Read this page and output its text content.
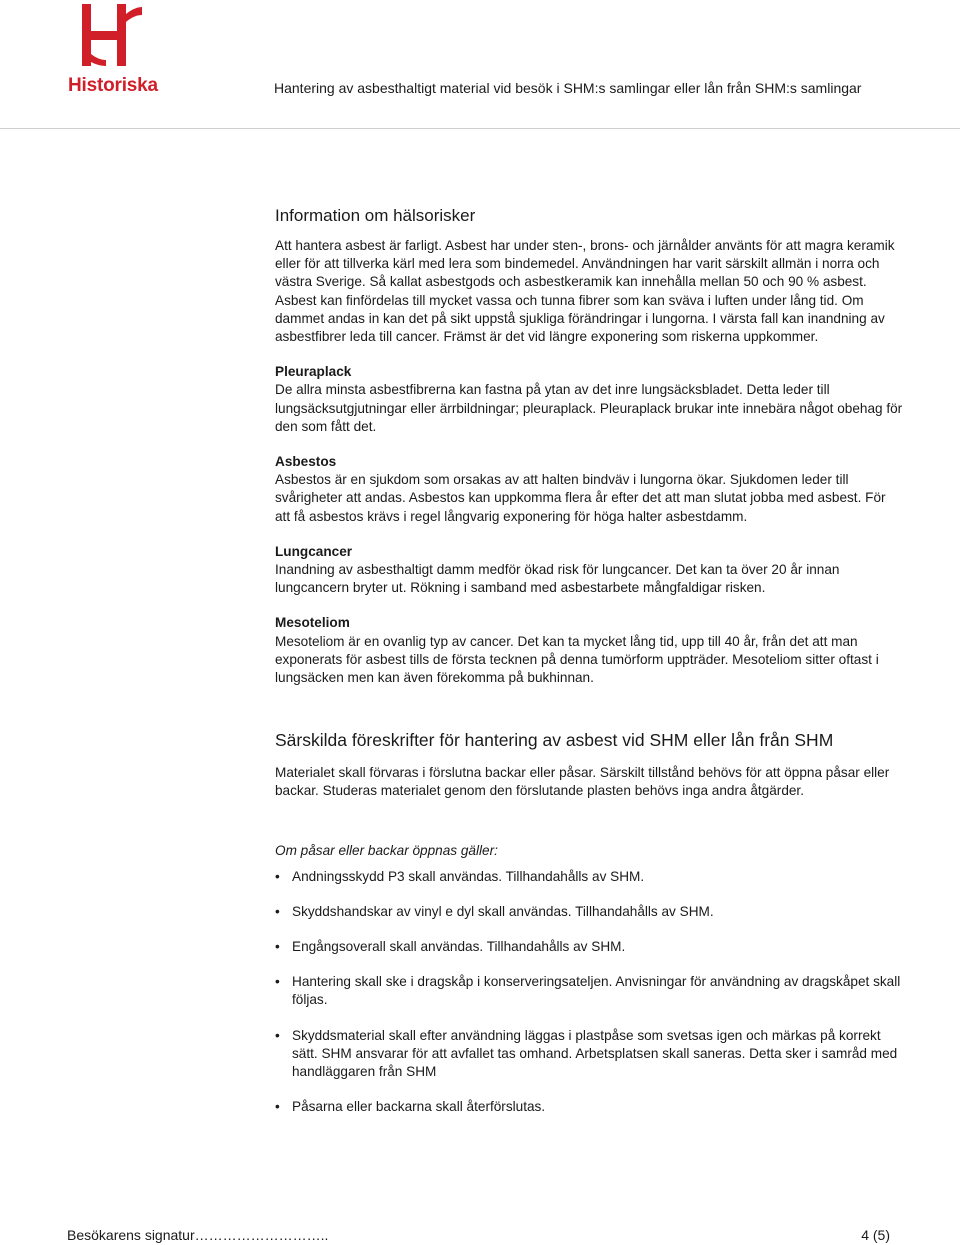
Historiska	Hantering av asbesthaltigt material vid besök i SHM:s samlingar eller lån från SHM:s samlingar
Information om hälsorisker

Att hantera asbest är farligt. Asbest har under sten-, brons- och järnålder använts för att magra keramik eller för att tillverka kärl med lera som bindemedel. Användningen har varit särskilt allmän i norra och västra Sverige. Så kallat asbestgods och asbestkeramik kan innehålla mellan 50 och 90 % asbest. Asbest kan finfördelas till mycket vassa och tunna fibrer som kan sväva i luften under lång tid. Om dammet andas in kan det på sikt uppstå sjukliga förändringar i lungorna. I värsta fall kan inandning av asbestfibrer leda till cancer. Främst är det vid längre exponering som riskerna uppkommer.

Pleuraplack

De allra minsta asbestfibrerna kan fastna på ytan av det inre lungsäcksbladet. Detta leder till lungsäcksutgjutningar eller ärrbildningar; pleuraplack. Pleuraplack brukar inte innebära något obehag för den som fått det.

Asbestos

Asbestos är en sjukdom som orsakas av att halten bindväv i lungorna ökar. Sjukdomen leder till svårigheter att andas. Asbestos kan uppkomma flera år efter det att man slutat jobba med asbest. För att få asbestos krävs i regel långvarig exponering för höga halter asbestdamm.

Lungcancer

Inandning av asbesthaltigt damm medför ökad risk för lungcancer. Det kan ta över 20 år innan lungcancern bryter ut. Rökning i samband med asbestarbete mångfaldigar risken.

Mesoteliom

Mesoteliom är en ovanlig typ av cancer. Det kan ta mycket lång tid, upp till 40 år, från det att man exponerats för asbest tills de första tecknen på denna tumörform uppträder. Mesoteliom sitter oftast i lungsäcken men kan även förekomma på bukhinnan.

Särskilda föreskrifter för hantering av asbest vid SHM eller lån från SHM

Materialet skall förvaras i förslutna backar eller påsar. Särskilt tillstånd behövs för att öppna påsar eller backar. Studeras materialet genom den förslutande plasten behövs inga andra åtgärder.

Om påsar eller backar öppnas gäller:
• Andningsskydd P3 skall användas. Tillhandahålls av SHM.
• Skyddshandskar av vinyl e dyl skall användas. Tillhandahålls av SHM.
• Engångsoverall skall användas. Tillhandahålls av SHM.
• Hantering skall ske i dragskåp i konserveringsateljen. Anvisningar för användning av dragskåpet skall följas.
• Skyddsmaterial skall efter användning läggas i plastpåse som svetsas igen och märkas på korrekt sätt. SHM ansvarar för att avfallet tas omhand. Arbetsplatsen skall saneras. Detta sker i samråd med handläggaren från SHM
• Påsarna eller backarna skall återförslutas.
Besökarens signatur………………………..	4 (5)
